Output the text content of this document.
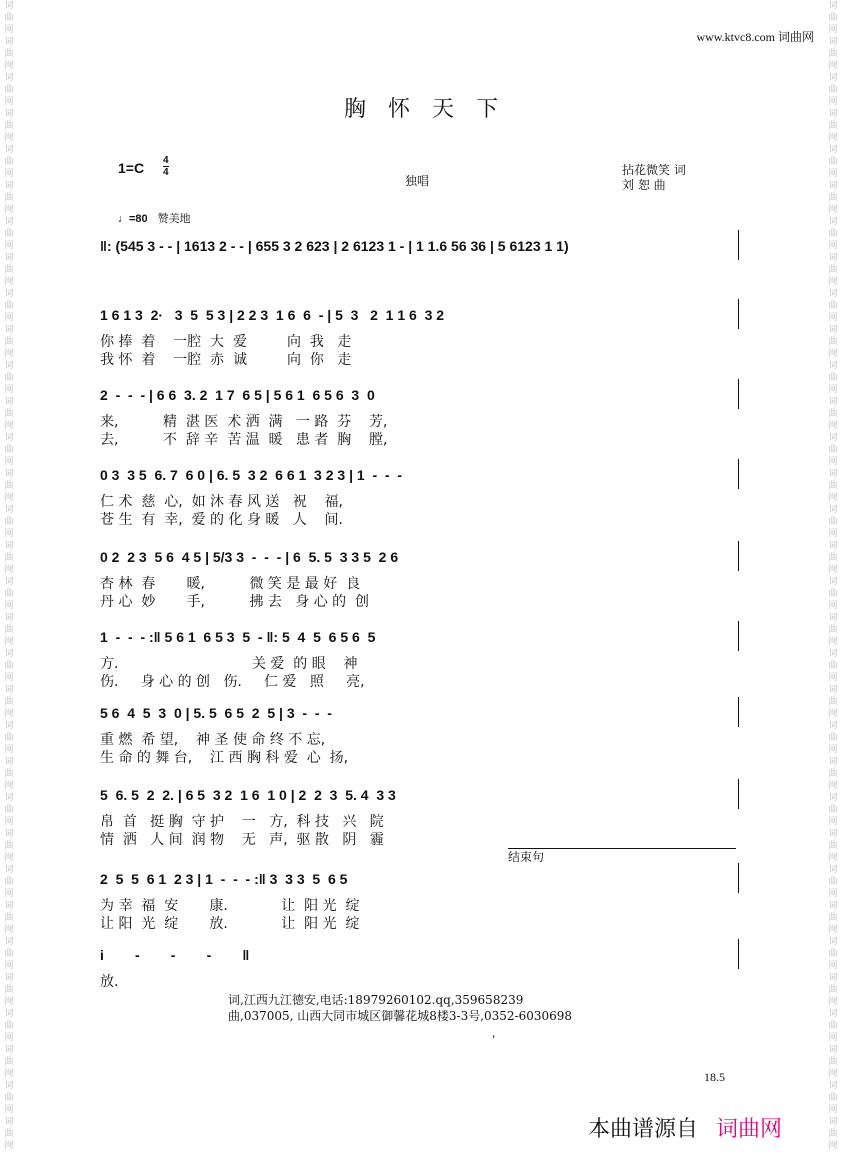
词
曲
网
词
曲
网
词
曲
网
词
曲
网
词
曲
网
词
曲
网
词
曲
网
词
曲
网
词
曲
网
词
曲
网
词
曲
网
词
曲
网
词
曲
网
词
曲
网
词
曲
网
词
曲
网
词
曲
网
词
曲
网
词
曲
网
词
曲
网
词
曲
网
词
曲
网
词
曲
网
词
曲
网
词
曲
网
词
曲
网
词
曲
网
词
曲
网
词
曲
网
词
曲
网
词
曲
网
词
曲
网
词
曲
网
词
曲
网
词
曲
网
词
曲
网
词
曲
网
词
曲
网
词
曲
网
词
曲
网
词
曲
网
词
曲
网
词
曲
网
词
曲
网
词
曲
网
词
曲
网
词
曲
网
词
曲
网
词
曲
网
词
曲
网
词
曲
网
词
曲
网
词
曲
网
词
曲
网
词
曲
网
词
曲
网
词
曲
网
词
曲
网
词
曲
网
词
曲
网
词
曲
网
词
曲
网
词
曲
网
词
曲
网
www.ktvc8.com 词曲网
胸怀天下
1=C 4
4
独唱
拈花微笑 词
刘 恕 曲
♩=80 赞美地
‖: (545 3 - - | 1613 2 - - | 655 3 2 623 | 2 6123 1 - | 1 1.6 56 36 | 5 6123 1 1)
1 6 1 3  2·   3  5  5 3 | 2 2 3  1 6  6  - | 5  3   2  1 1 6  3 2
你 捧  着    一腔  大  爱         向  我   走
我 怀  着    一腔  赤  诚         向  你   走
2  -  -  - | 6 6  3. 2  1 7  6 5 | 5 6 1  6 5 6  3  0
来,          精  湛 医  术 洒  满   一 路  芬    芳,
去,          不  辞 辛  苦 温  暖   患 者  胸    膛,
0 3  3 5  6. 7  6 0 | 6. 5  3 2  6 6 1  3 2 3 | 1  -  -  -
仁 术  慈  心,  如 沐 春 风 送   祝    福,
苍 生  有  幸,  爱 的 化 身 暖   人    间.
0 2  2 3  5 6  4 5 | 5/3 3  -  -  - | 6  5. 5  3 3 5  2 6
杏 林  春       暖,          微 笑 是 最 好  良
丹 心  妙       手,          拂 去   身 心 的  创
1  -  -  - :‖ 5 6 1  6 5 3  5  - ‖: 5  4  5  6 5 6  5
方.                              关 爱  的 眼    神
伤.     身 心 的 创   伤.     仁 爱   照     亮,
5 6  4  5  3  0 | 5. 5  6 5  2  5 | 3  -  -  -
重 燃  希 望,    神 圣 使 命 终 不 忘,
生 命 的 舞 台,    江 西 胸 科 爱  心  扬,
5  6. 5  2  2. | 6 5  3 2  1 6  1 0 | 2  2  3  5. 4  3 3
帛  首   挺 胸  守 护    一   方,  科 技   兴   院
情  洒   人 间  润 物    无   声,  驱 散   阴   霾
2  5  5  6 1  2 3 | 1  -  -  - :‖ 3  3 3  5  6 5
为 幸  福  安       康.            让  阳 光  绽
让 阳  光  绽       放.            让  阳 光  绽
i        -        -        -        ‖
放.
结束句
词,江西九江德安,电话:18979260102.qq,359658239
曲,037005, 山西大同市城区御馨花城8楼3-3号,0352-6030698
,
18.5
本曲谱源自 词曲网
